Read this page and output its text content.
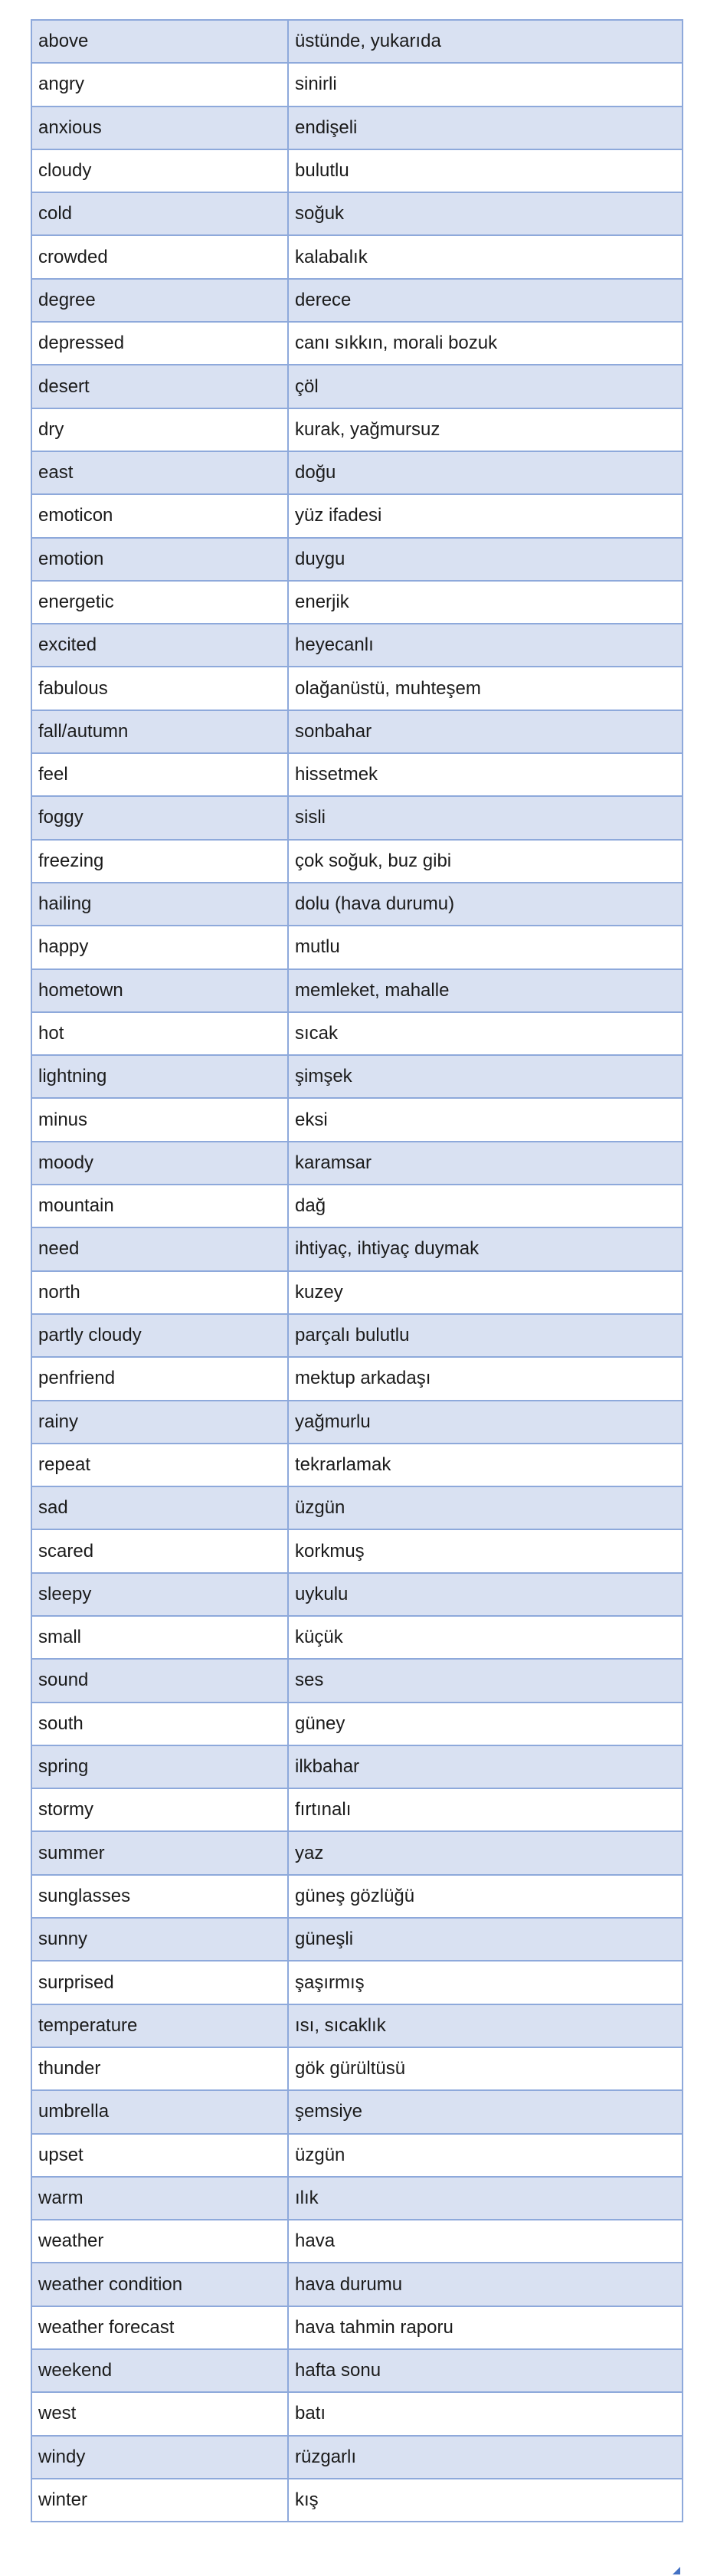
above	üstünde, yukarıda
angry	sinirli
anxious	endişeli
cloudy	bulutlu
cold	soğuk
crowded	kalabalık
degree	derece
depressed	canı sıkkın, morali bozuk
desert	çöl
dry	kurak, yağmursuz
east	doğu
emoticon	yüz ifadesi
emotion	duygu
energetic	enerjik
excited	heyecanlı
fabulous	olağanüstü, muhteşem
fall/autumn	sonbahar
feel	hissetmek
foggy	sisli
freezing	çok soğuk, buz gibi
hailing	dolu (hava durumu)
happy	mutlu
hometown	memleket, mahalle
hot	sıcak
lightning	şimşek
minus	eksi
moody	karamsar
mountain	dağ
need	ihtiyaç, ihtiyaç duymak
north	kuzey
partly cloudy	parçalı bulutlu
penfriend	mektup arkadaşı
rainy	yağmurlu
repeat	tekrarlamak
sad	üzgün
scared	korkmuş
sleepy	uykulu
small	küçük
sound	ses
south	güney
spring	ilkbahar
stormy	fırtınalı
summer	yaz
sunglasses	güneş gözlüğü
sunny	güneşli
surprised	şaşırmış
temperature	ısı, sıcaklık
thunder	gök gürültüsü
umbrella	şemsiye
upset	üzgün
warm	ılık
weather	hava
weather condition	hava durumu
weather forecast	hava tahmin raporu
weekend	hafta sonu
west	batı
windy	rüzgarlı
winter	kış
